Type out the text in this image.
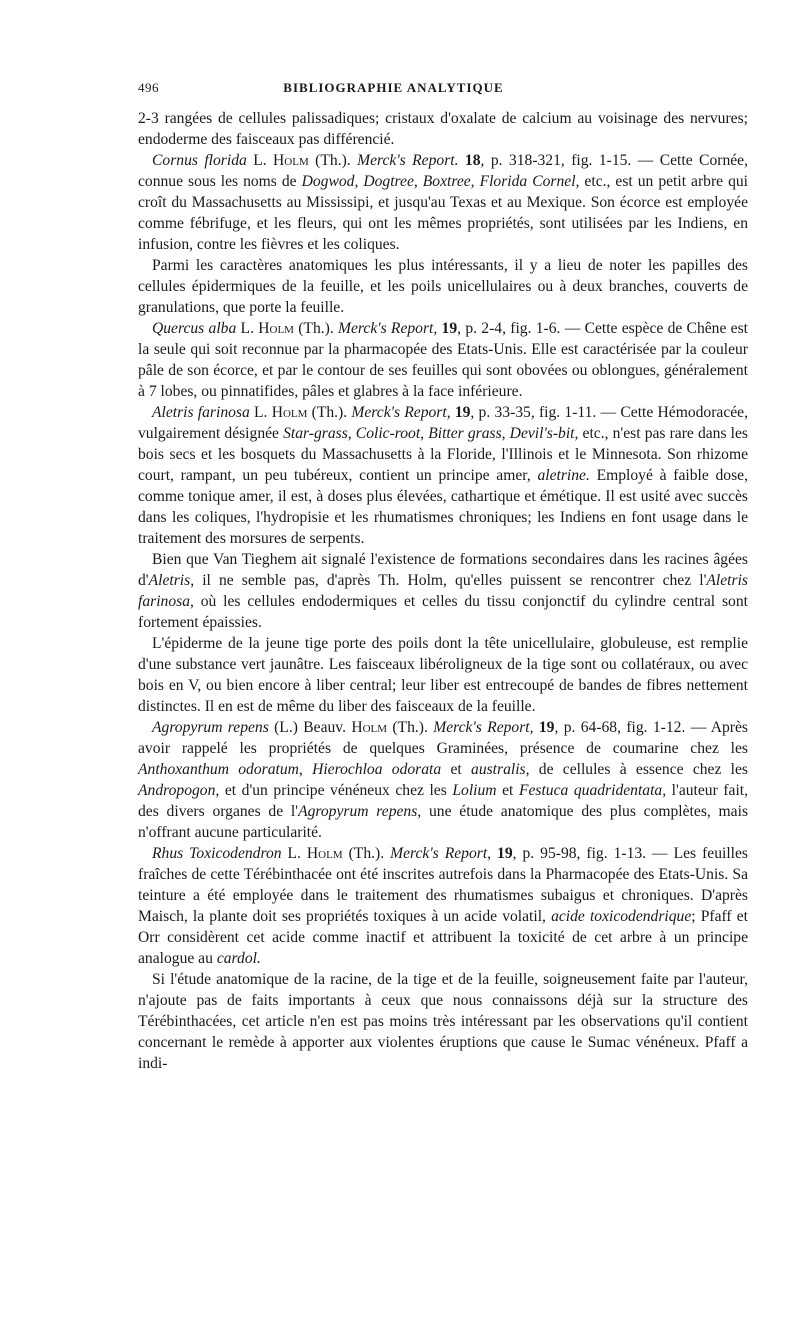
496	BIBLIOGRAPHIE ANALYTIQUE

2-3 rangées de cellules palissadiques; cristaux d'oxalate de calcium au voisinage des nervures; endoderme des faisceaux pas différencié.

Cornus florida L. Holm (Th.). Merck's Report. 18, p. 318-321, fig. 1-15. — Cette Cornée, connue sous les noms de Dogwod, Dogtree, Boxtree, Florida Cornel, etc., est un petit arbre qui croît du Massachusetts au Mississipi, et jusqu'au Texas et au Mexique. Son écorce est employée comme fébrifuge, et les fleurs, qui ont les mêmes propriétés, sont utilisées par les Indiens, en infusion, contre les fièvres et les coliques.

Parmi les caractères anatomiques les plus intéressants, il y a lieu de noter les papilles des cellules épidermiques de la feuille, et les poils unicellulaires ou à deux branches, couverts de granulations, que porte la feuille.

Quercus alba L. Holm (Th.). Merck's Report, 19, p. 2-4, fig. 1-6. — Cette espèce de Chêne est la seule qui soit reconnue par la pharmacopée des Etats-Unis. Elle est caractérisée par la couleur pâle de son écorce, et par le contour de ses feuilles qui sont obovées ou oblongues, généralement à 7 lobes, ou pinnatifides, pâles et glabres à la face inférieure.

Aletris farinosa L. Holm (Th.). Merck's Report, 19, p. 33-35, fig. 1-11. — Cette Hémodoracée, vulgairement désignée Star-grass, Colic-root, Bitter grass, Devil's-bit, etc., n'est pas rare dans les bois secs et les bosquets du Massachusetts à la Floride, l'Illinois et le Minnesota. Son rhizome court, rampant, un peu tubéreux, contient un principe amer, aletrine. Employé à faible dose, comme tonique amer, il est, à doses plus élevées, cathartique et émétique. Il est usité avec succès dans les coliques, l'hydropisie et les rhumatismes chroniques; les Indiens en font usage dans le traitement des morsures de serpents.

Bien que Van Tieghem ait signalé l'existence de formations secondaires dans les racines âgées d'Aletris, il ne semble pas, d'après Th. Holm, qu'elles puissent se rencontrer chez l'Aletris farinosa, où les cellules endodermiques et celles du tissu conjonctif du cylindre central sont fortement épaissies.

L'épiderme de la jeune tige porte des poils dont la tête unicellulaire, globuleuse, est remplie d'une substance vert jaunâtre. Les faisceaux libéroligneux de la tige sont ou collatéraux, ou avec bois en V, ou bien encore à liber central; leur liber est entrecoupé de bandes de fibres nettement distinctes. Il en est de même du liber des faisceaux de la feuille.

Agropyrum repens (L.) Beauv. Holm (Th.). Merck's Report, 19, p. 64-68, fig. 1-12. — Après avoir rappelé les propriétés de quelques Graminées, présence de coumarine chez les Anthoxanthum odoratum, Hierochloa odorata et australis, de cellules à essence chez les Andropogon, et d'un principe vénéneux chez les Lolium et Festuca quadridentata, l'auteur fait, des divers organes de l'Agropyrum repens, une étude anatomique des plus complètes, mais n'offrant aucune particularité.

Rhus Toxicodendron L. Holm (Th.). Merck's Report, 19, p. 95-98, fig. 1-13. — Les feuilles fraîches de cette Térébinthacée ont été inscrites autrefois dans la Pharmacopée des Etats-Unis. Sa teinture a été employée dans le traitement des rhumatismes subaigus et chroniques. D'après Maisch, la plante doit ses propriétés toxiques à un acide volatil, acide toxicodendrique; Pfaff et Orr considèrent cet acide comme inactif et attribuent la toxicité de cet arbre à un principe analogue au cardol.

Si l'étude anatomique de la racine, de la tige et de la feuille, soigneusement faite par l'auteur, n'ajoute pas de faits importants à ceux que nous connaissons déjà sur la structure des Térébinthacées, cet article n'en est pas moins très intéressant par les observations qu'il contient concernant le remède à apporter aux violentes éruptions que cause le Sumac vénéneux. Pfaff a indi-
